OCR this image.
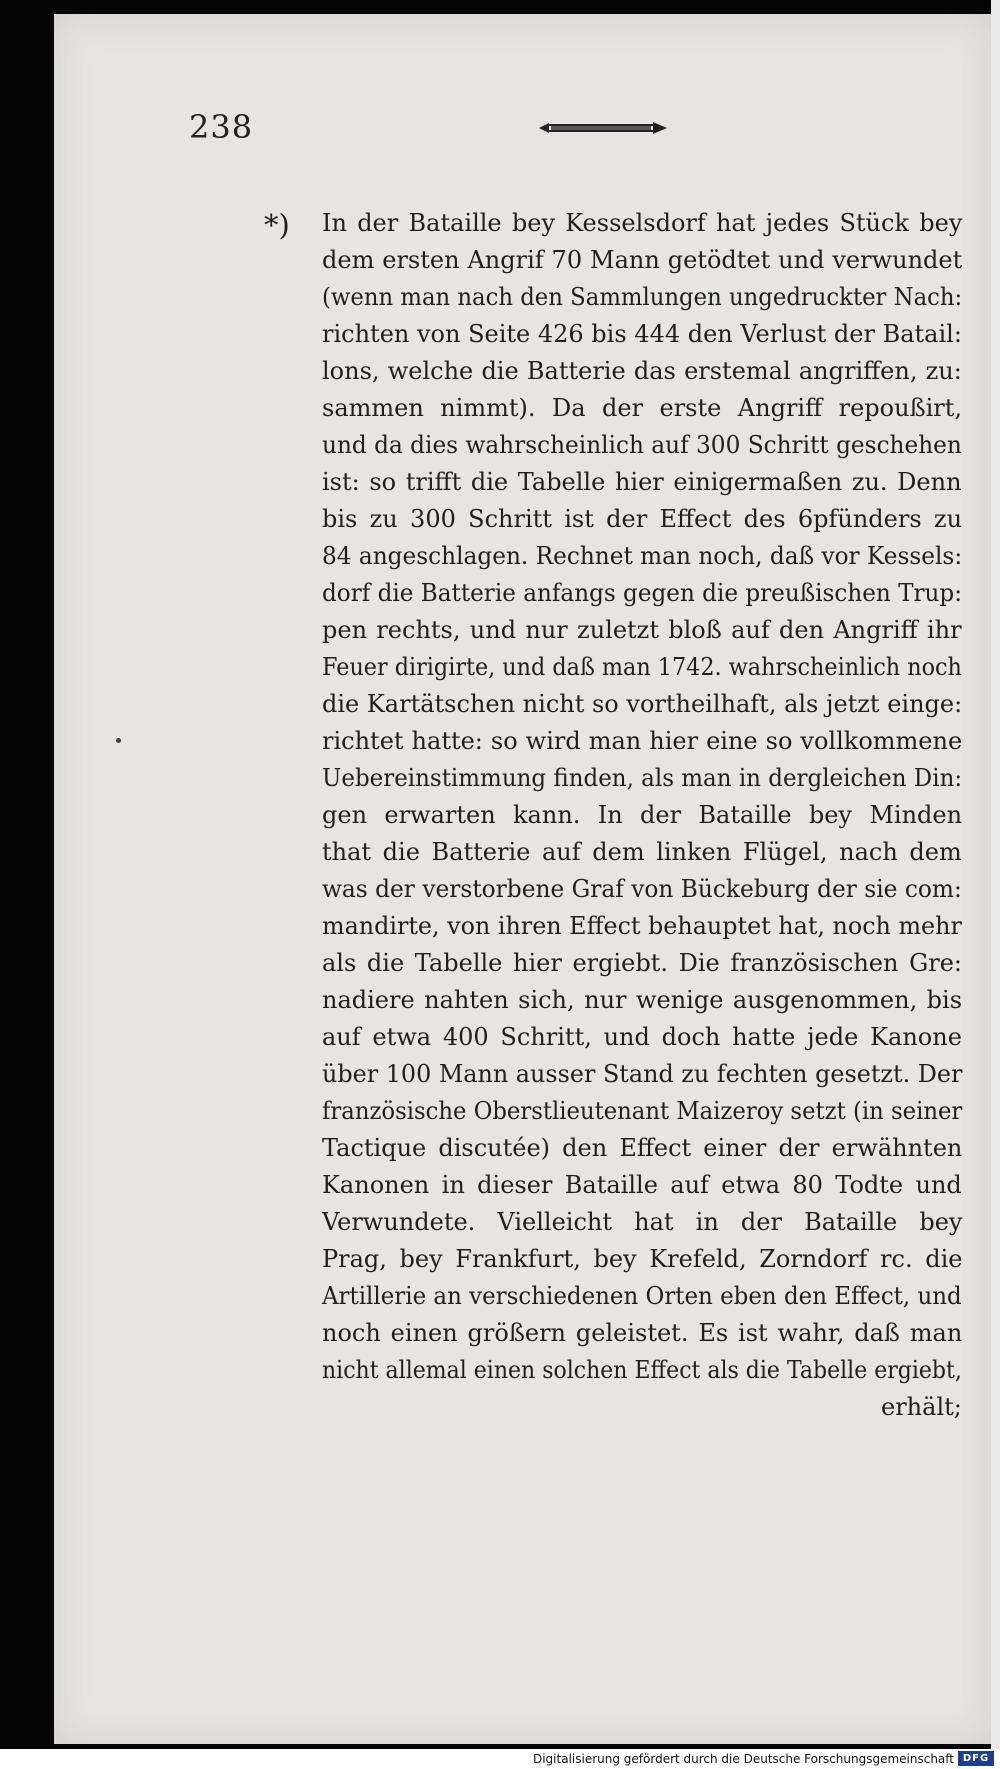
238
*) In der Bataille bey Kesselsdorf hat jedes Stück bey
dem ersten Angrif 70 Mann getödtet und verwundet
(wenn man nach den Sammlungen ungedruckter Nach:
richten von Seite 426 bis 444 den Verlust der Batail:
lons, welche die Batterie das erstemal angriffen, zu:
sammen nimmt). Da der erste Angriff repoußirt,
und da dies wahrscheinlich auf 300 Schritt geschehen
ist: so trifft die Tabelle hier einigermaßen zu. Denn
bis zu 300 Schritt ist der Effect des 6pfünders zu
84 angeschlagen. Rechnet man noch, daß vor Kessels:
dorf die Batterie anfangs gegen die preußischen Trup:
pen rechts, und nur zuletzt bloß auf den Angriff ihr
Feuer dirigirte, und daß man 1742. wahrscheinlich noch
die Kartätschen nicht so vortheilhaft, als jetzt einge:
richtet hatte: so wird man hier eine so vollkommene
Uebereinstimmung finden, als man in dergleichen Din:
gen erwarten kann. In der Bataille bey Minden
that die Batterie auf dem linken Flügel, nach dem
was der verstorbene Graf von Bückeburg der sie com:
mandirte, von ihren Effect behauptet hat, noch mehr
als die Tabelle hier ergiebt. Die französischen Gre:
nadiere nahten sich, nur wenige ausgenommen, bis
auf etwa 400 Schritt, und doch hatte jede Kanone
über 100 Mann ausser Stand zu fechten gesetzt. Der
französische Oberstlieutenant Maizeroy setzt (in seiner
Tactique discutée) den Effect einer der erwähnten
Kanonen in dieser Bataille auf etwa 80 Todte und
Verwundete. Vielleicht hat in der Bataille bey
Prag, bey Frankfurt, bey Krefeld, Zorndorf rc. die
Artillerie an verschiedenen Orten eben den Effect, und
noch einen größern geleistet. Es ist wahr, daß man
nicht allemal einen solchen Effect als die Tabelle ergiebt,
erhält;
Digitalisierung gefördert durch die Deutsche Forschungsgemeinschaft DFG
